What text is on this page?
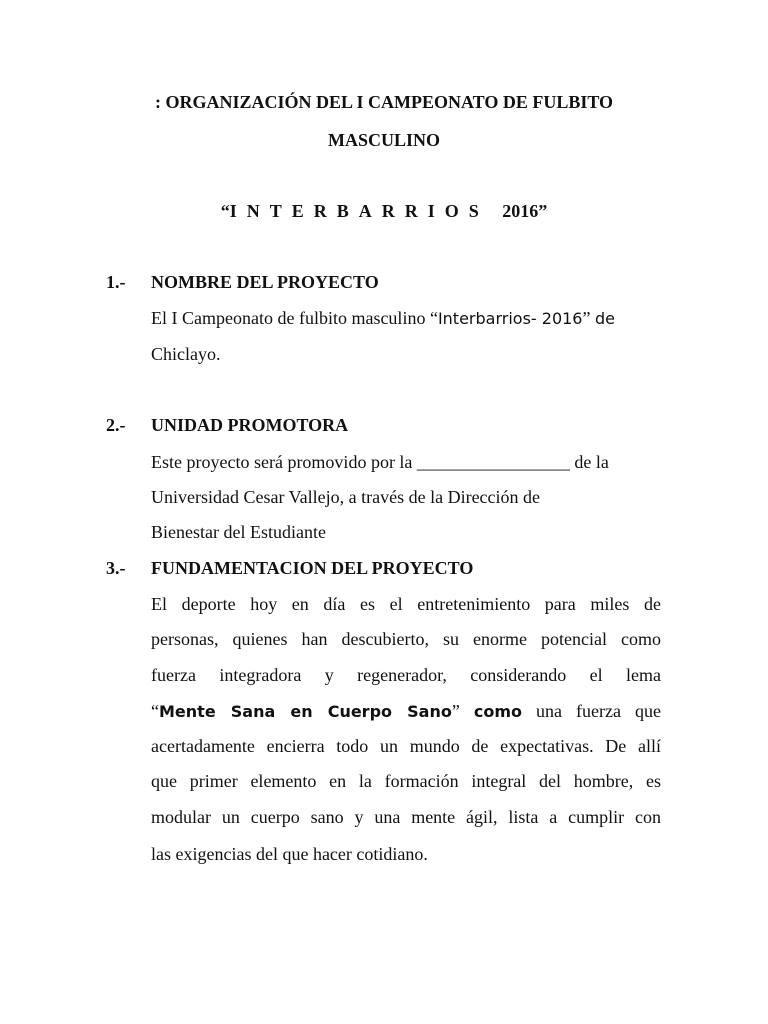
: ORGANIZACIÓN DEL I CAMPEONATO DE FULBITO
MASCULINO
“INTERBARRIOS 2016”
1.- NOMBRE DEL PROYECTO
El I Campeonato de fulbito masculino “Interbarrios- 2016” de
Chiclayo.
2.- UNIDAD PROMOTORA
Este proyecto será promovido por la _________________ de la
Universidad Cesar Vallejo, a través de la Dirección de
Bienestar del Estudiante
3.- FUNDAMENTACION DEL PROYECTO
El deporte hoy en día es el entretenimiento para miles de
personas, quienes han descubierto, su enorme potencial como
fuerza integradora y regenerador, considerando el lema
“Mente Sana en Cuerpo Sano” como una fuerza que
acertadamente encierra todo un mundo de expectativas. De allí
que primer elemento en la formación integral del hombre, es
modular un cuerpo sano y una mente ágil, lista a cumplir con
las exigencias del que hacer cotidiano.
